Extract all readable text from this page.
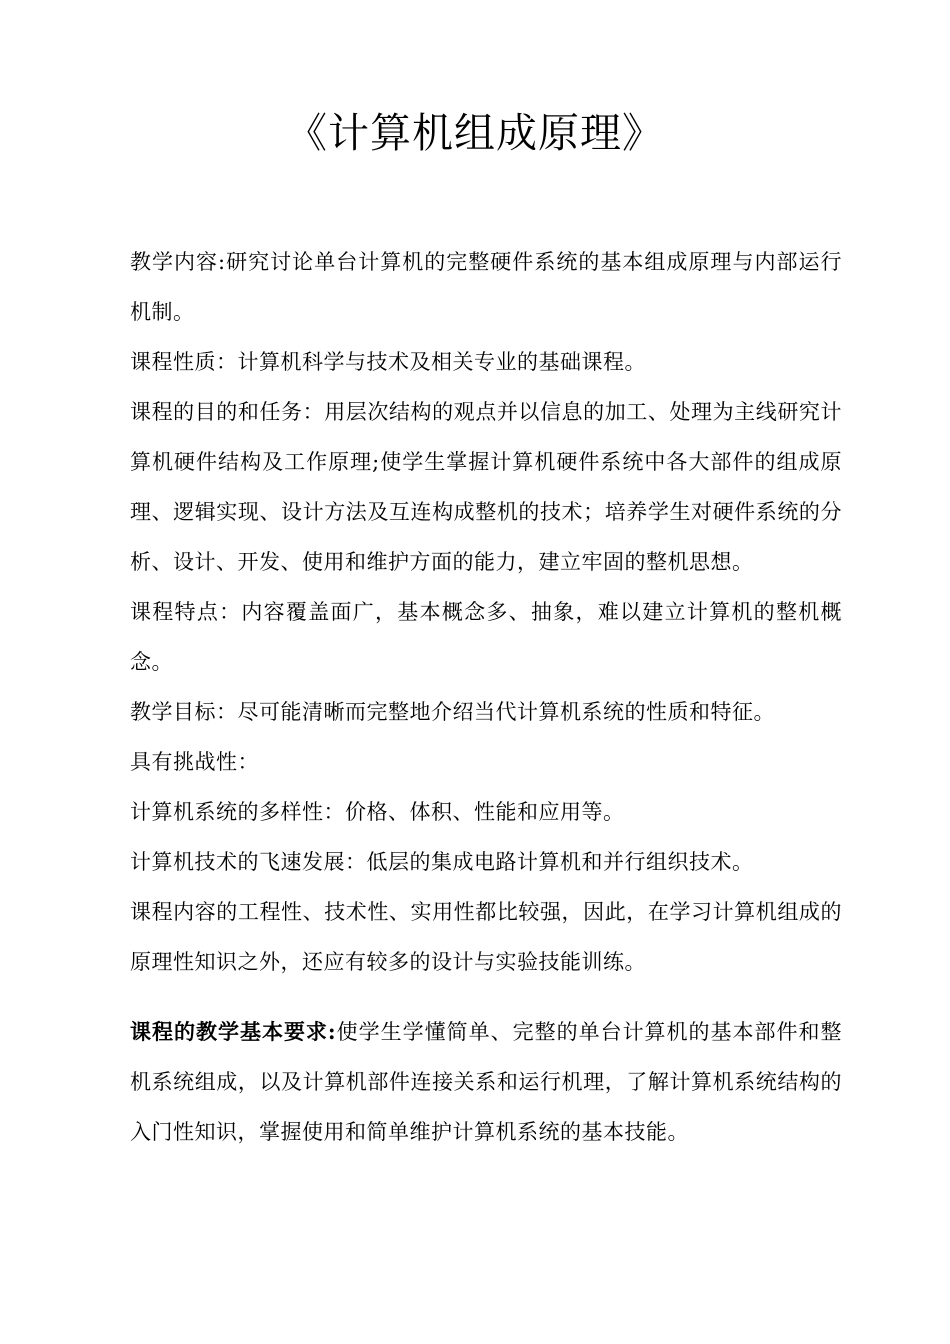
《计算机组成原理》

教学内容:研究讨论单台计算机的完整硬件系统的基本组成原理与内部运行机制。

课程性质：计算机科学与技术及相关专业的基础课程。

课程的目的和任务：用层次结构的观点并以信息的加工、处理为主线研究计算机硬件结构及工作原理;使学生掌握计算机硬件系统中各大部件的组成原理、逻辑实现、设计方法及互连构成整机的技术；培养学生对硬件系统的分析、设计、开发、使用和维护方面的能力，建立牢固的整机思想。

课程特点：内容覆盖面广，基本概念多、抽象，难以建立计算机的整机概念。

教学目标：尽可能清晰而完整地介绍当代计算机系统的性质和特征。

具有挑战性：

计算机系统的多样性：价格、体积、性能和应用等。

计算机技术的飞速发展：低层的集成电路计算机和并行组织技术。

课程内容的工程性、技术性、实用性都比较强，因此，在学习计算机组成的原理性知识之外，还应有较多的设计与实验技能训练。

课程的教学基本要求:使学生学懂简单、完整的单台计算机的基本部件和整机系统组成，以及计算机部件连接关系和运行机理，了解计算机系统结构的入门性知识，掌握使用和简单维护计算机系统的基本技能。
